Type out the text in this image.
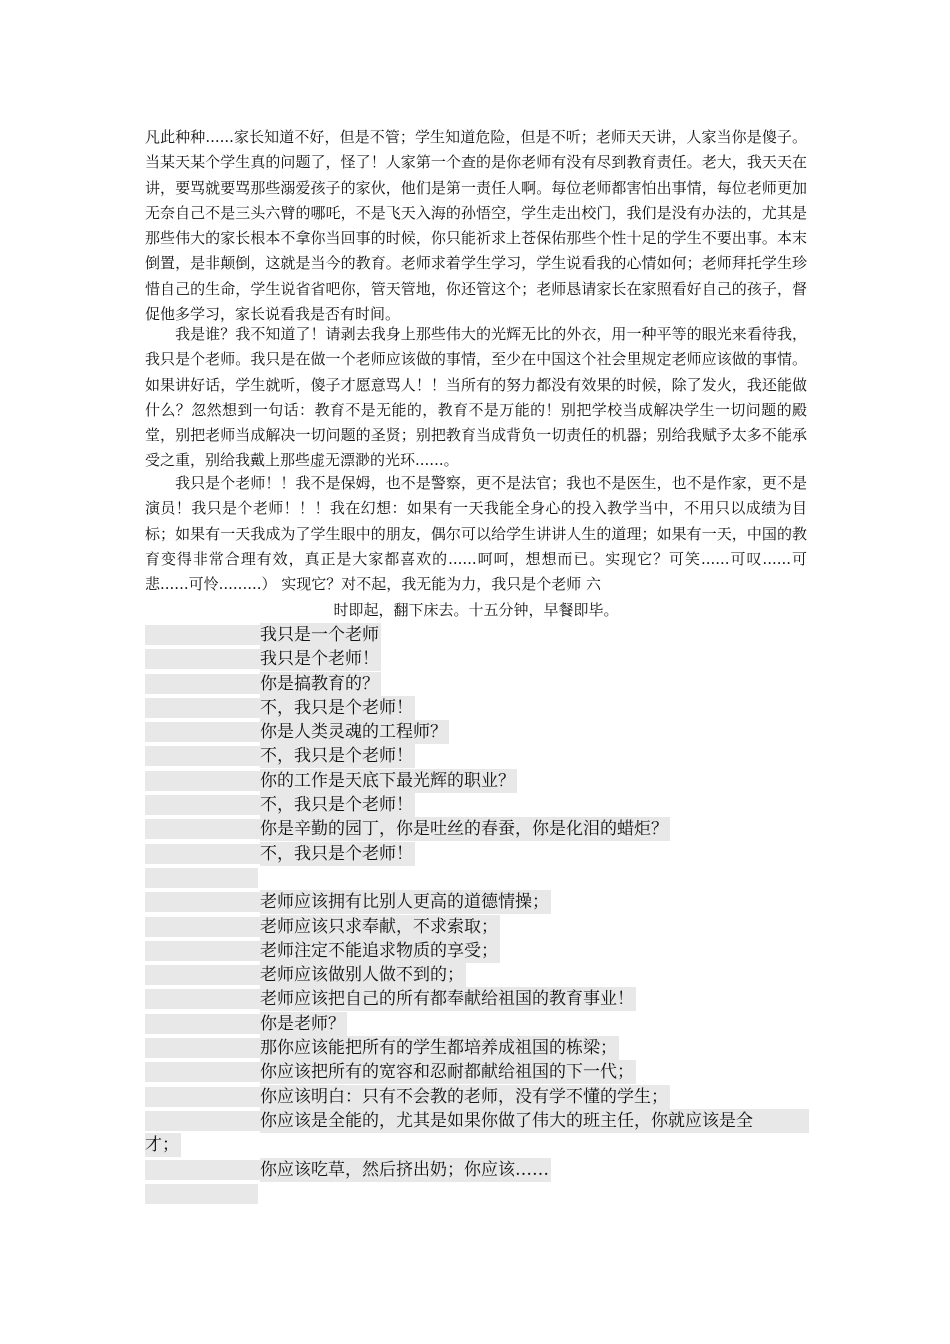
凡此种种......家长知道不好，但是不管；学生知道危险，但是不听；老师天天讲，人家当你是傻子。当某天某个学生真的问题了，怪了！人家第一个查的是你老师有没有尽到教育责任。老大，我天天在讲，要骂就要骂那些溺爱孩子的家伙，他们是第一责任人啊。每位老师都害怕出事情，每位老师更加无奈自己不是三头六臂的哪吒，不是飞天入海的孙悟空，学生走出校门，我们是没有办法的，尤其是那些伟大的家长根本不拿你当回事的时候，你只能祈求上苍保佑那些个性十足的学生不要出事。本末倒置，是非颠倒，这就是当今的教育。老师求着学生学习，学生说看我的心情如何；老师拜托学生珍惜自己的生命，学生说省省吧你，管天管地，你还管这个；老师恳请家长在家照看好自己的孩子，督促他多学习，家长说看我是否有时间。

　　我是谁？我不知道了！请剥去我身上那些伟大的光辉无比的外衣，用一种平等的眼光来看待我，我只是个老师。我只是在做一个老师应该做的事情，至少在中国这个社会里规定老师应该做的事情。如果讲好话，学生就听，傻子才愿意骂人！！当所有的努力都没有效果的时候，除了发火，我还能做什么？忽然想到一句话：教育不是无能的，教育不是万能的！别把学校当成解决学生一切问题的殿堂，别把老师当成解决一切问题的圣贤；别把教育当成背负一切责任的机器；别给我赋予太多不能承受之重，别给我戴上那些虚无漂渺的光环......。

　　我只是个老师！！我不是保姆，也不是警察，更不是法官；我也不是医生，也不是作家，更不是演员！我只是个老师！！！我在幻想：如果有一天我能全身心的投入教学当中，不用只以成绩为目标；如果有一天我成为了学生眼中的朋友，偶尔可以给学生讲讲人生的道理；如果有一天，中国的教育变得非常合理有效，真正是大家都喜欢的......呵呵，想想而已。实现它？可笑......可叹......可悲......可怜.........） 实现它？对不起，我无能为力，我只是个老师 六

时即起，翻下床去。十五分钟，早餐即毕。

我只是一个老师
我只是个老师！
你是搞教育的？
不，我只是个老师！
你是人类灵魂的工程师？
不，我只是个老师！
你的工作是天底下最光辉的职业？
不，我只是个老师！
你是辛勤的园丁，你是吐丝的春蚕，你是化泪的蜡炬？
不，我只是个老师！
老师应该拥有比别人更高的道德情操；
老师应该只求奉献，不求索取；
老师注定不能追求物质的享受；
老师应该做别人做不到的；
老师应该把自己的所有都奉献给祖国的教育事业！
你是老师？
那你应该能把所有的学生都培养成祖国的栋梁；
你应该把所有的宽容和忍耐都献给祖国的下一代；
你应该明白：只有不会教的老师，没有学不懂的学生；
你应该是全能的，尤其是如果你做了伟大的班主任，你就应该是全
才；
你应该吃草，然后挤出奶；你应该……
